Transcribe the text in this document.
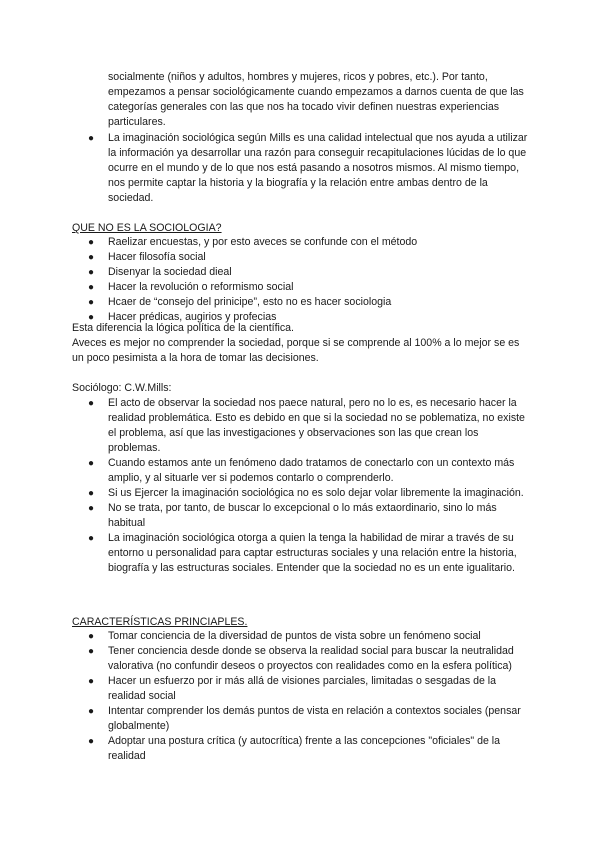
socialmente (niños y adultos, hombres y mujeres, ricos y pobres, etc.). Por tanto, empezamos a pensar sociológicamente cuando empezamos a darnos cuenta de que las categorías generales con las que nos ha tocado vivir definen nuestras experiencias particulares.

● La imaginación sociológica según Mills es una calidad intelectual que nos ayuda a utilizar la información ya desarrollar una razón para conseguir recapitulaciones lúcidas de lo que ocurre en el mundo y de lo que nos está pasando a nosotros mismos. Al mismo tiempo, nos permite captar la historia y la biografía y la relación entre ambas dentro de la sociedad.

QUE NO ES LA SOCIOLOGIA?

● Raelizar encuestas, y por esto aveces se confunde con el método
● Hacer filosofía social
● Disenyar la sociedad dieal
● Hacer la revolución o reformismo social
● Hcaer de “consejo del prinicipe”, esto no es hacer sociologia
● Hacer prédicas, augirios y profecias

Esta diferencia la lógica política de la científica.

Aveces es mejor no comprender la sociedad, porque si se comprende al 100% a lo mejor se es un poco pesimista a la hora de tomar las decisiones.

Sociólogo: C.W.Mills:

● El acto de observar la sociedad nos paece natural, pero no lo es, es necesario hacer la realidad problemática. Esto es debido en que si la sociedad no se poblematiza, no existe el problema, así que las investigaciones y observaciones son las que crean los problemas.
● Cuando estamos ante un fenómeno dado tratamos de conectarlo con un contexto más amplio, y al situarle ver si podemos contarlo o comprenderlo.
● Si us Ejercer la imaginación sociológica no es solo dejar volar libremente la imaginación.
● No se trata, por tanto, de buscar lo excepcional o lo más extaordinario, sino lo más habitual
● La imaginación sociológica otorga a quien la tenga la habilidad de mirar a través de su entorno u personalidad para captar estructuras sociales y una relación entre la historia, biografía y las estructuras sociales. Entender que la sociedad no es un ente igualitario.

CARACTERÍSTICAS PRINCIAPLES.

● Tomar conciencia de la diversidad de puntos de vista sobre un fenómeno social
● Tener conciencia desde donde se observa la realidad social para buscar la neutralidad valorativa (no confundir deseos o proyectos con realidades como en la esfera política)
● Hacer un esfuerzo por ir más allá de visiones parciales, limitadas o sesgadas de la realidad social
● Intentar comprender los demás puntos de vista en relación a contextos sociales (pensar globalmente)
● Adoptar una postura crítica (y autocrítica) frente a las concepciones "oficiales" de la realidad
